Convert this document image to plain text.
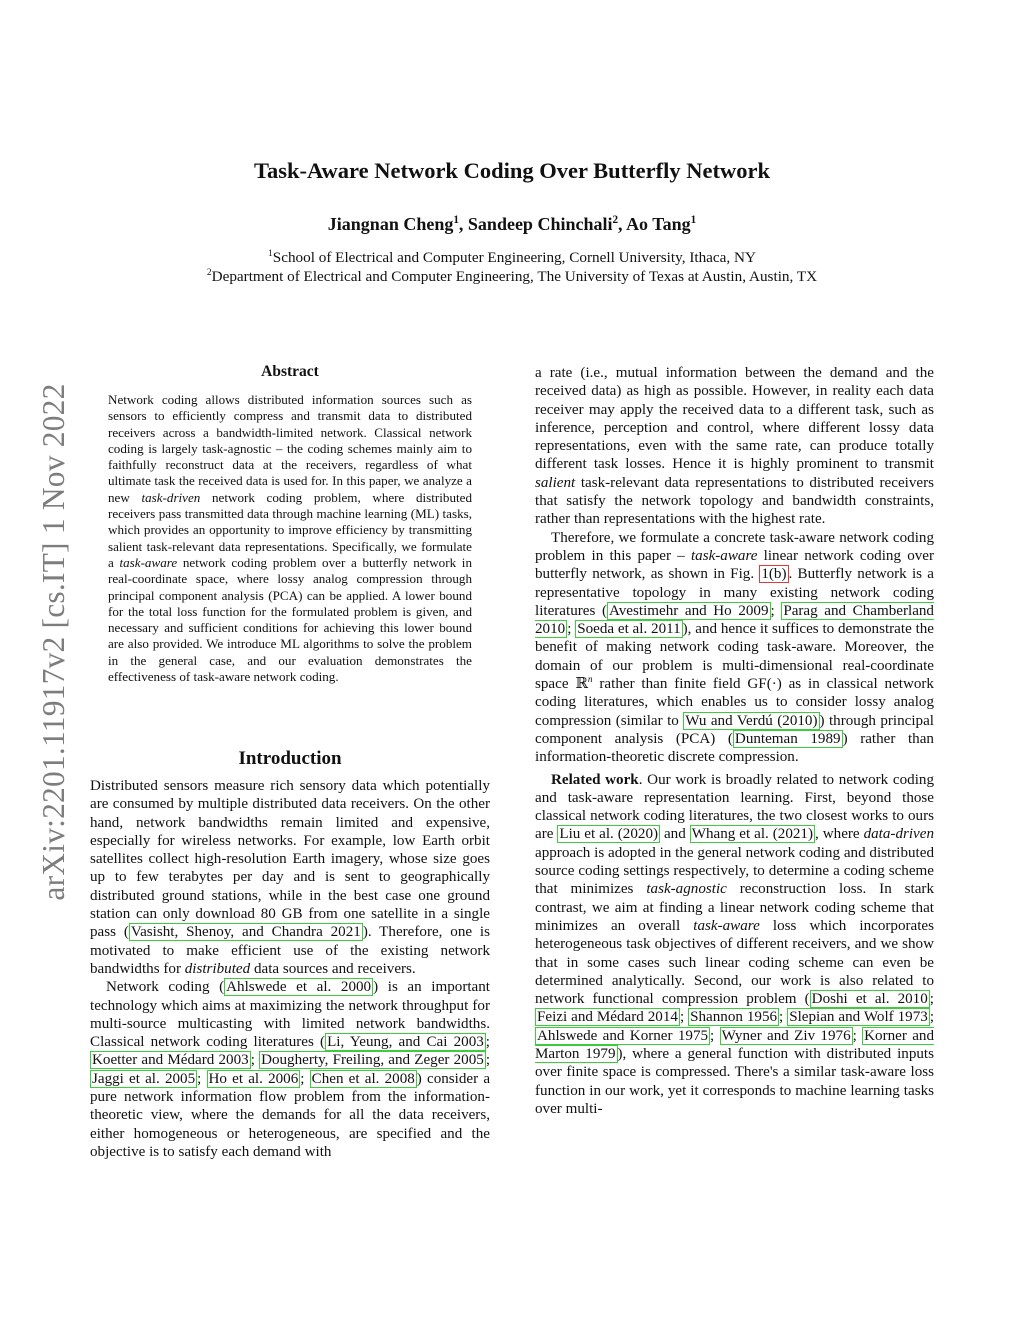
Task-Aware Network Coding Over Butterfly Network
Jiangnan Cheng$^1$, Sandeep Chinchali$^2$, Ao Tang$^1$
$^1$School of Electrical and Computer Engineering, Cornell University, Ithaca, NY
$^2$Department of Electrical and Computer Engineering, The University of Texas at Austin, Austin, TX
arXiv:2201.11917v2 [cs.IT] 1 Nov 2022
Abstract
Network coding allows distributed information sources such as sensors to efficiently compress and transmit data to distributed receivers across a bandwidth-limited network. Classical network coding is largely task-agnostic – the coding schemes mainly aim to faithfully reconstruct data at the receivers, regardless of what ultimate task the received data is used for. In this paper, we analyze a new task-driven network coding problem, where distributed receivers pass transmitted data through machine learning (ML) tasks, which provides an opportunity to improve efficiency by transmitting salient task-relevant data representations. Specifically, we formulate a task-aware network coding problem over a butterfly network in real-coordinate space, where lossy analog compression through principal component analysis (PCA) can be applied. A lower bound for the total loss function for the formulated problem is given, and necessary and sufficient conditions for achieving this lower bound are also provided. We introduce ML algorithms to solve the problem in the general case, and our evaluation demonstrates the effectiveness of task-aware network coding.
Introduction

Distributed sensors measure rich sensory data which potentially are consumed by multiple distributed data receivers. On the other hand, network bandwidths remain limited and expensive, especially for wireless networks. For example, low Earth orbit satellites collect high-resolution Earth imagery, whose size goes up to few terabytes per day and is sent to geographically distributed ground stations, while in the best case one ground station can only download 80 GB from one satellite in a single pass ( Vasisht, Shenoy, and Chandra 2021 ). Therefore, one is motivated to make efficient use of the existing network bandwidths for distributed data sources and receivers.

Network coding ( Ahlswede et al. 2000 ) is an important technology which aims at maximizing the network throughput for multi-source multicasting with limited network bandwidths. Classical network coding literatures ( Li, Yeung, and Cai 2003 ; Koetter and Médard 2003 ; Dougherty, Freiling, and Zeger 2005 ; Jaggi et al. 2005 ; Ho et al. 2006 ; Chen et al. 2008 ) consider a pure network information flow problem from the information-theoretic view, where the demands for all the data receivers, either homogeneous or heterogeneous, are specified and the objective is to satisfy each demand with

a rate (i.e., mutual information between the demand and the received data) as high as possible. However, in reality each data receiver may apply the received data to a different task, such as inference, perception and control, where different lossy data representations, even with the same rate, can produce totally different task losses. Hence it is highly prominent to transmit salient task-relevant data representations to distributed receivers that satisfy the network topology and bandwidth constraints, rather than representations with the highest rate.

Therefore, we formulate a concrete task-aware network coding problem in this paper – task-aware linear network coding over butterfly network, as shown in Fig. 1(b) . Butterfly network is a representative topology in many existing network coding literatures ( Avestimehr and Ho 2009 ; Parag and Chamberland 2010 ; Soeda et al. 2011 ), and hence it suffices to demonstrate the benefit of making network coding task-aware. Moreover, the domain of our problem is multi-dimensional real-coordinate space ℝ$^n$ rather than finite field GF(·) as in classical network coding literatures, which enables us to consider lossy analog compression (similar to Wu and Verdú (2010) ) through principal component analysis (PCA) ( Dunteman 1989 ) rather than information-theoretic discrete compression.

Related work. Our work is broadly related to network coding and task-aware representation learning. First, beyond those classical network coding literatures, the two closest works to ours are Liu et al. (2020) and Whang et al. (2021) , where data-driven approach is adopted in the general network coding and distributed source coding settings respectively, to determine a coding scheme that minimizes task-agnostic reconstruction loss. In stark contrast, we aim at finding a linear network coding scheme that minimizes an overall task-aware loss which incorporates heterogeneous task objectives of different receivers, and we show that in some cases such linear coding scheme can even be determined analytically. Second, our work is also related to network functional compression problem ( Doshi et al. 2010 ; Feizi and Médard 2014 ; Shannon 1956 ; Slepian and Wolf 1973 ; Ahlswede and Korner 1975 ; Wyner and Ziv 1976 ; Korner and Marton 1979 ), where a general function with distributed inputs over finite space is compressed. There's a similar task-aware loss function in our work, yet it corresponds to machine learning tasks over multi-
